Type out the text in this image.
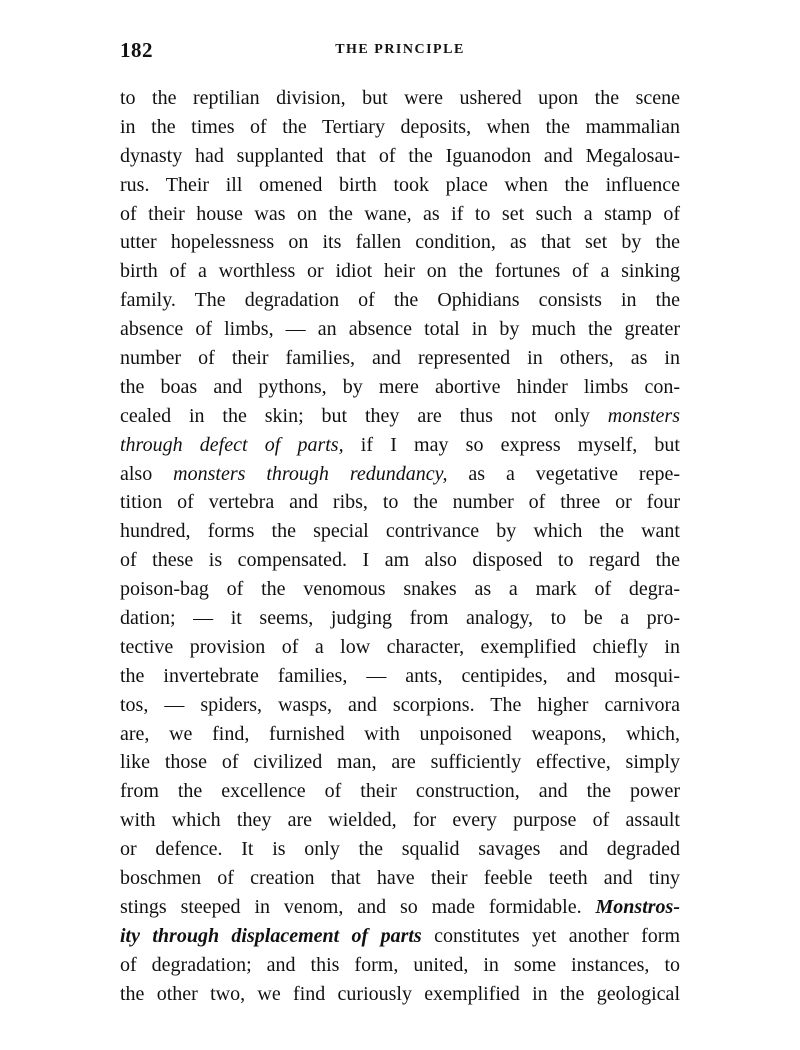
182	THE PRINCIPLE
to the reptilian division, but were ushered upon the scene
in the times of the Tertiary deposits, when the mammalian
dynasty had supplanted that of the Iguanodon and Megalosau-
rus. Their ill omened birth took place when the influence
of their house was on the wane, as if to set such a stamp of
utter hopelessness on its fallen condition, as that set by the
birth of a worthless or idiot heir on the fortunes of a sinking
family. The degradation of the Ophidians consists in the
absence of limbs, — an absence total in by much the greater
number of their families, and represented in others, as in
the boas and pythons, by mere abortive hinder limbs con-
cealed in the skin; but they are thus not only monsters
through defect of parts, if I may so express myself, but
also monsters through redundancy, as a vegetative repe-
tition of vertebra and ribs, to the number of three or four
hundred, forms the special contrivance by which the want
of these is compensated. I am also disposed to regard the
poison-bag of the venomous snakes as a mark of degra-
dation; — it seems, judging from analogy, to be a pro-
tective provision of a low character, exemplified chiefly in
the invertebrate families, — ants, centipides, and mosqui-
tos, — spiders, wasps, and scorpions. The higher carnivora
are, we find, furnished with unpoisoned weapons, which,
like those of civilized man, are sufficiently effective, simply
from the excellence of their construction, and the power
with which they are wielded, for every purpose of assault
or defence. It is only the squalid savages and degraded
boschmen of creation that have their feeble teeth and tiny
stings steeped in venom, and so made formidable. Monstros-
ity through displacement of parts constitutes yet another form
of degradation; and this form, united, in some instances, to
the other two, we find curiously exemplified in the geological
